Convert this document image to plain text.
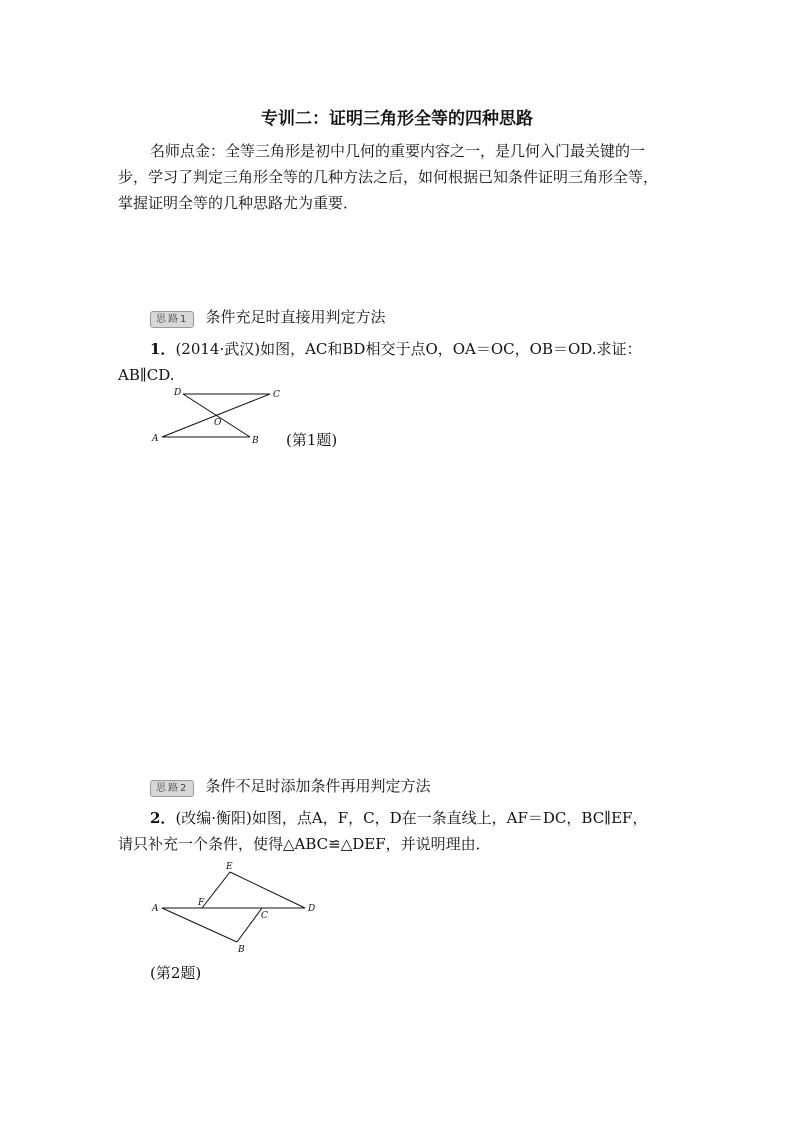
专训二：证明三角形全等的四种思路
名师点金：全等三角形是初中几何的重要内容之一，是几何入门最关键的一
步，学习了判定三角形全等的几种方法之后，如何根据已知条件证明三角形全等，
掌握证明全等的几种思路尤为重要．
思路1 条件充足时直接用判定方法
1．(2014·武汉)如图，AC和BD相交于点O，OA＝OC，OB＝OD.求证：
AB∥CD.
D	C
O
A	B (第1题)
思路2 条件不足时添加条件再用判定方法
2．(改编·衡阳)如图，点A，F，C，D在一条直线上，AF＝DC，BC∥EF，
请只补充一个条件，使得△ABC≌△DEF，并说明理由．
E
F
C
A	D
B
(第2题)
